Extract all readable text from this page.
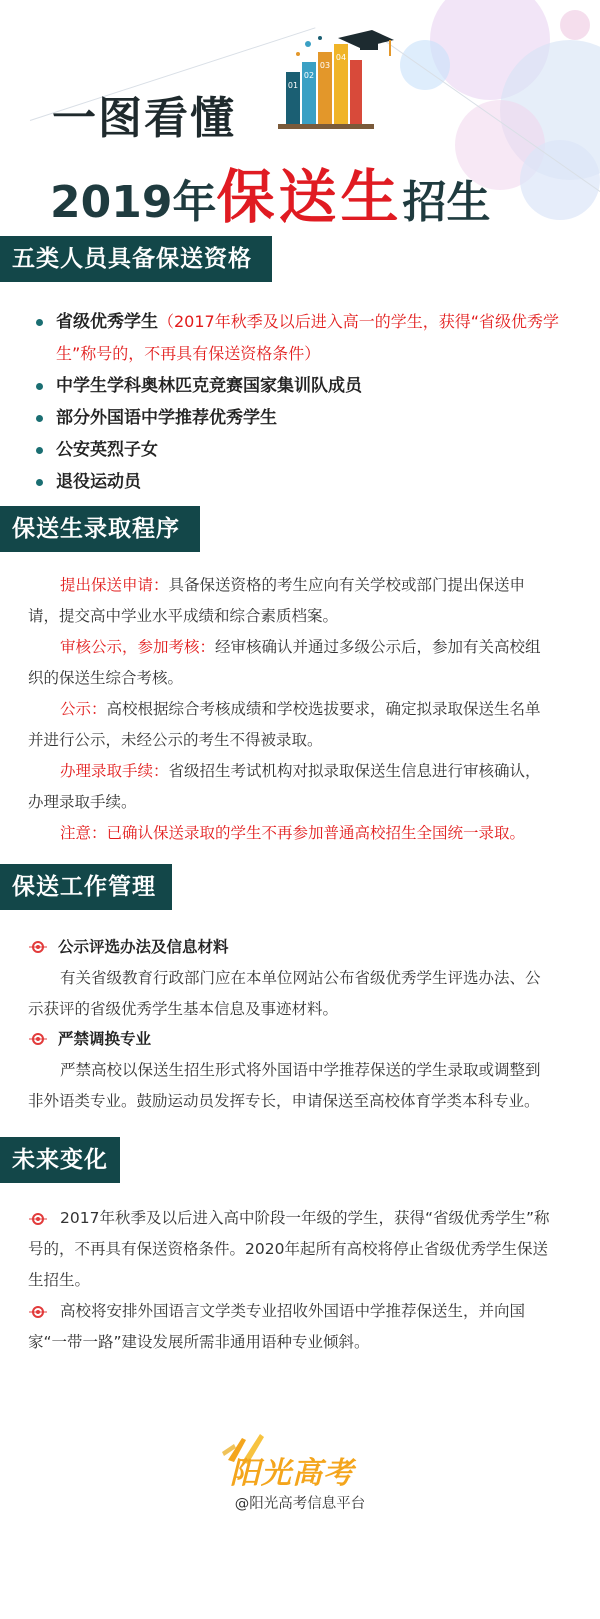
01
02
03
04
一图看懂
2019年保送生招生
五类人员具备保送资格
省级优秀学生（2017年秋季及以后进入高一的学生，获得“省级优秀学生”称号的，不再具有保送资格条件）
中学生学科奥林匹克竞赛国家集训队成员
部分外国语中学推荐优秀学生
公安英烈子女
退役运动员
保送生录取程序
提出保送申请：具备保送资格的考生应向有关学校或部门提出保送申请，提交高中学业水平成绩和综合素质档案。
审核公示，参加考核：经审核确认并通过多级公示后，参加有关高校组织的保送生综合考核。
公示：高校根据综合考核成绩和学校选拔要求，确定拟录取保送生名单并进行公示，未经公示的考生不得被录取。
办理录取手续：省级招生考试机构对拟录取保送生信息进行审核确认，办理录取手续。
注意：已确认保送录取的学生不再参加普通高校招生全国统一录取。
保送工作管理
公示评选办法及信息材料
有关省级教育行政部门应在本单位网站公布省级优秀学生评选办法、公示获评的省级优秀学生基本信息及事迹材料。
严禁调换专业
严禁高校以保送生招生形式将外国语中学推荐保送的学生录取或调整到非外语类专业。鼓励运动员发挥专长，申请保送至高校体育学类本科专业。
未来变化
2017年秋季及以后进入高中阶段一年级的学生，获得“省级优秀学生”称号的，不再具有保送资格条件。2020年起所有高校将停止省级优秀学生保送生招生。
高校将安排外国语言文学类专业招收外国语中学推荐保送生，并向国家“一带一路”建设发展所需非通用语种专业倾斜。
阳光高考
@阳光高考信息平台
